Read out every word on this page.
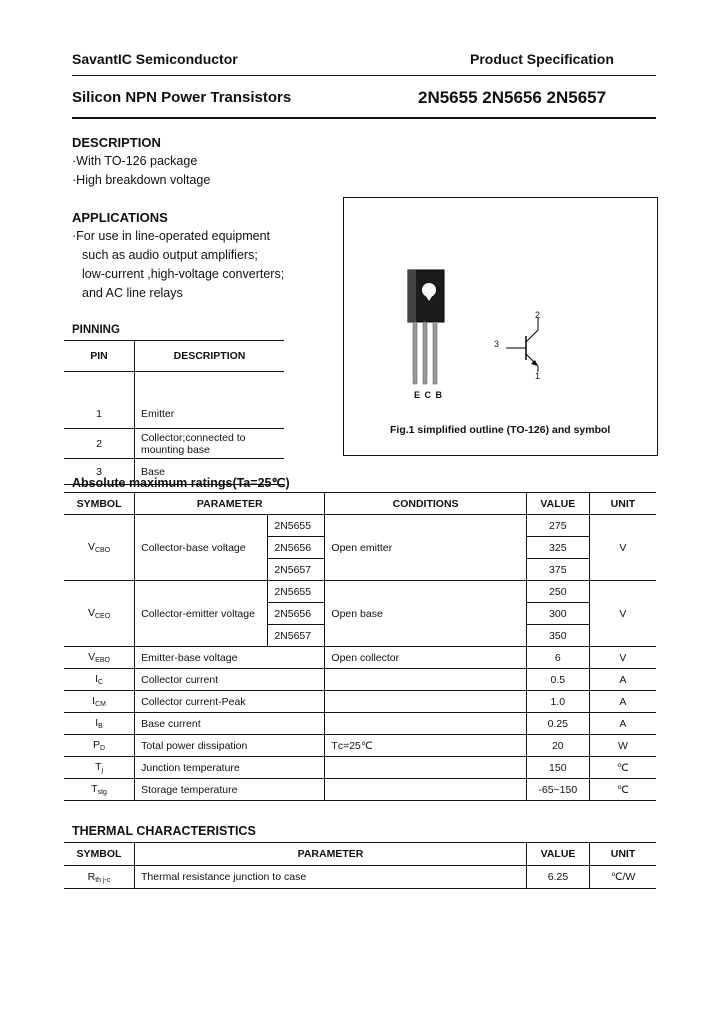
SavantIC Semiconductor	Product Specification
Silicon NPN Power Transistors	2N5655 2N5656 2N5657
DESCRIPTION
·With TO-126 package
·High breakdown voltage
APPLICATIONS
·For use in line-operated equipment
such as audio output amplifiers;
low-current ,high-voltage converters;
and AC line relays
PINNING
PIN	DESCRIPTION
1	Emitter
2	Collector;connected to mounting base
3	Base
E C B
3
2
1
Fig.1 simplified outline (TO-126) and symbol
Absolute maximum ratings(Ta=25℃)
SYMBOL	PARAMETER		CONDITIONS	VALUE	UNIT
$V_{CBO}$	Collector-base voltage	2N5655	Open emitter	275	V
		2N5656		325	
		2N5657		375	
$V_{CEO}$	Collector-emitter voltage	2N5655	Open base	250	V
		2N5656		300	
		2N5657		350	
$V_{EBO}$	Emitter-base voltage		Open collector	6	V
$I_C$	Collector current			0.5	A
$I_{CM}$	Collector current-Peak			1.0	A
$I_B$	Base current			0.25	A
$P_D$	Total power dissipation		Tᴄ=25℃	20	W
$T_j$	Junction temperature			150	℃
$T_{stg}$	Storage temperature			-65~150	℃
THERMAL CHARACTERISTICS
SYMBOL	PARAMETER	VALUE	UNIT
$R_{th j-c}$	Thermal resistance junction to case	6.25	℃/W
